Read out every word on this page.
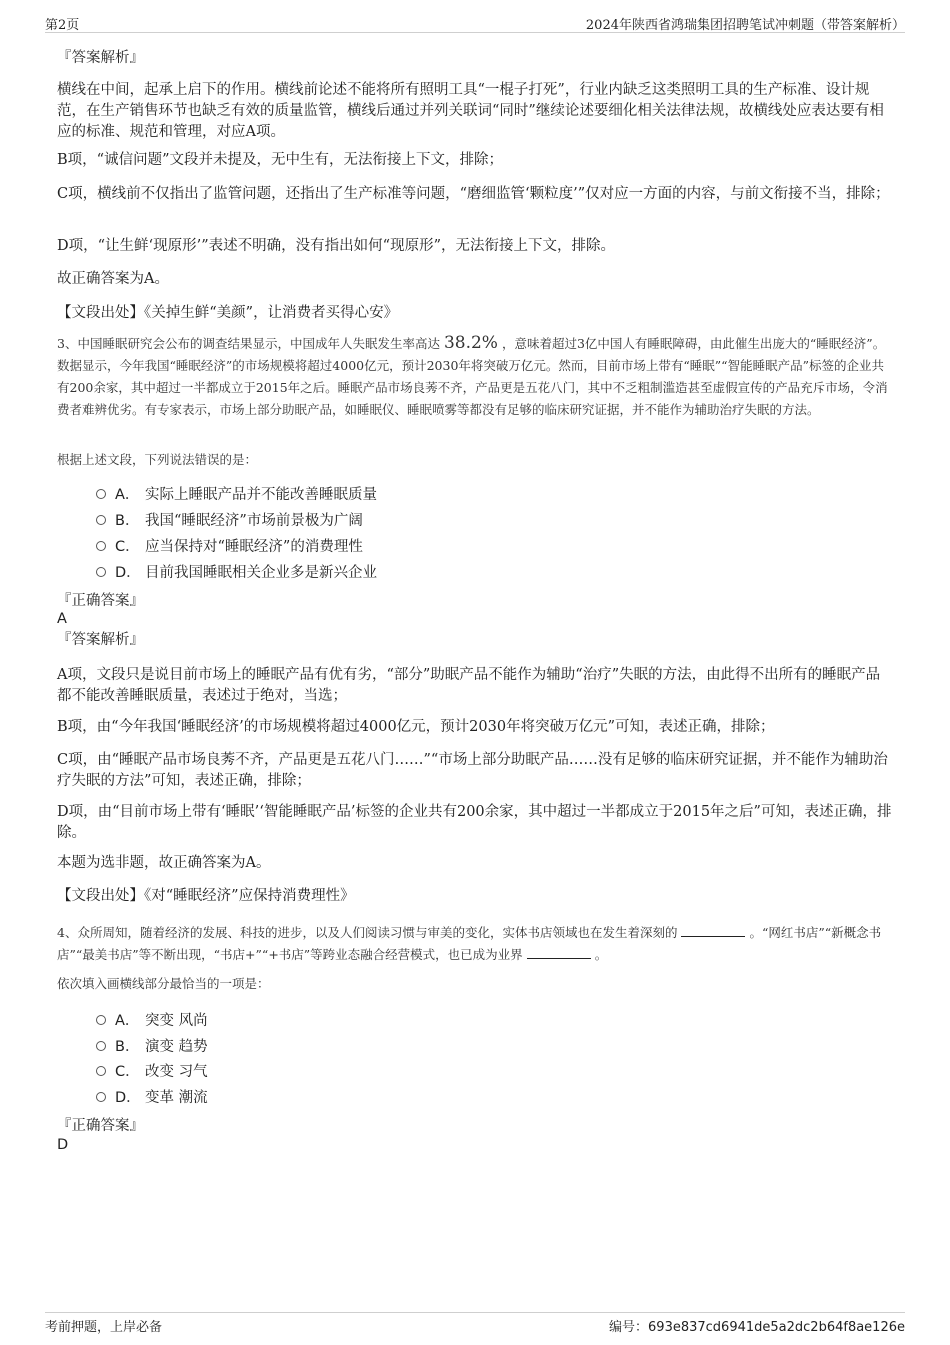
第2页	2024年陕西省鸿瑞集团招聘笔试冲刺题（带答案解析）

『答案解析』

横线在中间，起承上启下的作用。横线前论述不能将所有照明工具“一棍子打死”，行业内缺乏这类照明工具的生产标准、设计规范，在生产销售环节也缺乏有效的质量监管，横线后通过并列关联词“同时”继续论述要细化相关法律法规，故横线处应表达要有相应的标准、规范和管理，对应A项。

B项，“诚信问题”文段并未提及，无中生有，无法衔接上下文，排除；

C项，横线前不仅指出了监管问题，还指出了生产标准等问题，“磨细监管‘颗粒度’”仅对应一方面的内容，与前文衔接不当，排除；

D项，“让生鲜‘现原形’”表述不明确，没有指出如何“现原形”，无法衔接上下文，排除。

故正确答案为A。

【文段出处】《关掉生鲜“美颜”，让消费者买得心安》

3、中国睡眠研究会公布的调查结果显示，中国成年人失眠发生率高达 38.2% ，意味着超过3亿中国人有睡眠障碍，由此催生出庞大的“睡眠经济”。数据显示，今年我国“睡眠经济”的市场规模将超过4000亿元，预计2030年将突破万亿元。然而，目前市场上带有“睡眠”“智能睡眠产品”标签的企业共有200余家，其中超过一半都成立于2015年之后。睡眠产品市场良莠不齐，产品更是五花八门，其中不乏粗制滥造甚至虚假宣传的产品充斥市场，令消费者难辨优劣。有专家表示，市场上部分助眠产品，如睡眠仪、睡眠喷雾等都没有足够的临床研究证据，并不能作为辅助治疗失眠的方法。

根据上述文段，下列说法错误的是：

A． 实际上睡眠产品并不能改善睡眠质量
B． 我国“睡眠经济”市场前景极为广阔
C． 应当保持对“睡眠经济”的消费理性
D． 目前我国睡眠相关企业多是新兴企业

『正确答案』

A

『答案解析』

A项，文段只是说目前市场上的睡眠产品有优有劣，“部分”助眠产品不能作为辅助“治疗”失眠的方法，由此得不出所有的睡眠产品都不能改善睡眠质量，表述过于绝对，当选；

B项，由“今年我国‘睡眠经济’的市场规模将超过4000亿元，预计2030年将突破万亿元”可知，表述正确，排除；

C项，由“睡眠产品市场良莠不齐，产品更是五花八门……”“市场上部分助眠产品……没有足够的临床研究证据，并不能作为辅助治疗失眠的方法”可知，表述正确，排除；

D项，由“目前市场上带有‘睡眠’‘智能睡眠产品’标签的企业共有200余家，其中超过一半都成立于2015年之后”可知，表述正确，排除。

本题为选非题，故正确答案为A。

【文段出处】《对“睡眠经济”应保持消费理性》

4、众所周知，随着经济的发展、科技的进步，以及人们阅读习惯与审美的变化，实体书店领域也在发生着深刻的	。“网红书店”“新概念书店”“最美书店”等不断出现，“书店+”“+书店”等跨业态融合经营模式，也已成为业界	。

依次填入画横线部分最恰当的一项是：

A． 突变 风尚
B． 演变 趋势
C． 改变 习气
D． 变革 潮流

『正确答案』

D

考前押题，上岸必备	编号：693e837cd6941de5a2dc2b64f8ae126e
